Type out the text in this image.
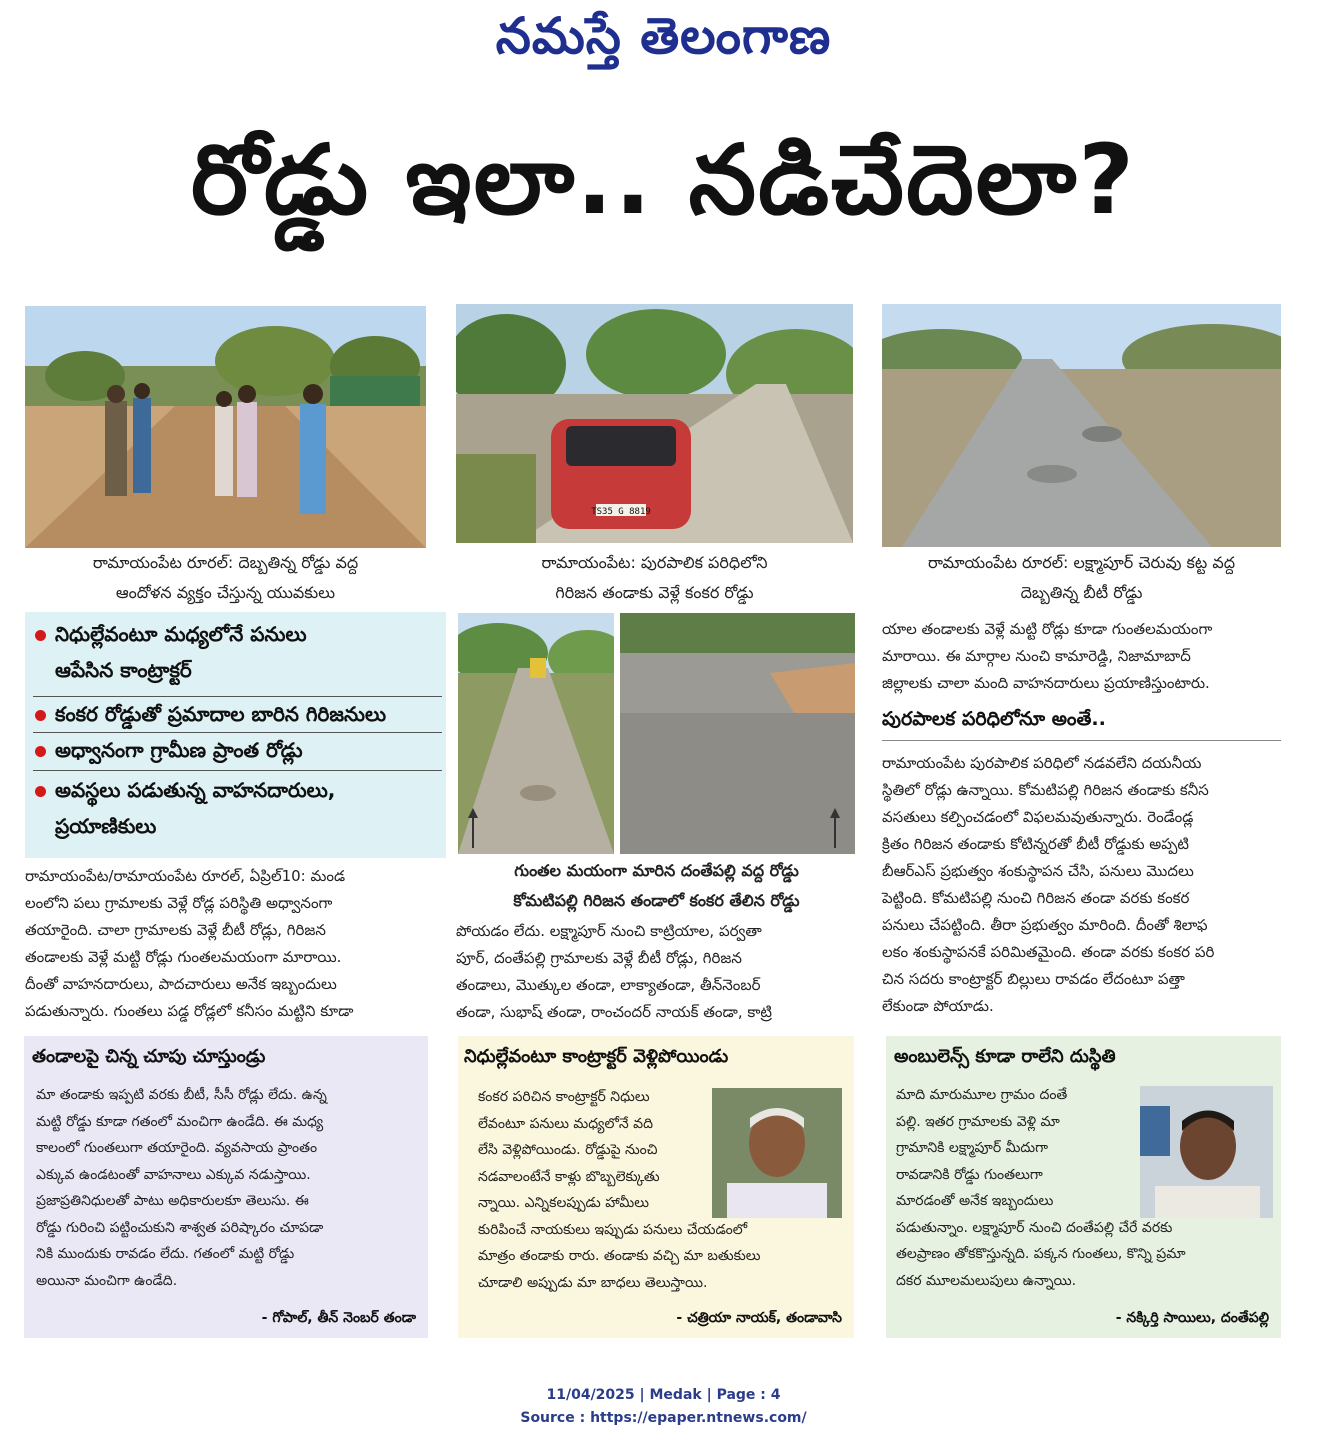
నమస్తే తెలంగాణ
రోడ్డు ఇలా.. నడిచేదెలా?
TS35 G 8819
రామాయంపేట రూరల్‌: దెబ్బతిన్న రోడ్డు వద్ద
ఆందోళన వ్యక్తం చేస్తున్న యువకులు
రామాయంపేట: పురపాలిక పరిధిలోని
గిరిజన తండాకు వెళ్లే కంకర రోడ్డు
రామాయంపేట రూరల్‌: లక్ష్మాపూర్‌ చెరువు కట్ట వద్ద
దెబ్బతిన్న బీటీ రోడ్డు
నిధుల్లేవంటూ మధ్యలోనే పనులు
ఆపేసిన కాంట్రాక్టర్‌
కంకర రోడ్డుతో ప్రమాదాల బారిన గిరిజనులు
అధ్వానంగా గ్రామీణ ప్రాంత రోడ్లు
అవస్థలు పడుతున్న వాహనదారులు,
ప్రయాణికులు
గుంతల మయంగా మారిన దంతేపల్లి వద్ద రోడ్డు
కోమటిపల్లి గిరిజన తండాలో కంకర తేలిన రోడ్డు
రామాయంపేట/రామాయంపేట రూరల్‌, ఏప్రిల్‌10: మండ
లంలోని పలు గ్రామాలకు వెళ్లే రోడ్ల పరిస్థితి అధ్వానంగా
తయారైంది. చాలా గ్రామాలకు వెళ్లే బీటీ రోడ్లు, గిరిజన
తండాలకు వెళ్లే మట్టి రోడ్లు గుంతలమయంగా మారాయి.
దీంతో వాహనదారులు, పాదచారులు అనేక ఇబ్బందులు
పడుతున్నారు. గుంతలు పడ్డ రోడ్లలో కనీసం మట్టిని కూడా
పోయడం లేదు. లక్ష్మాపూర్‌ నుంచి కాట్రియాల, పర్వతా
పూర్‌, దంతేపల్లి గ్రామాలకు వెళ్లే బీటీ రోడ్లు, గిరిజన
తండాలు, మొత్కుల తండా, లాక్యాతండా, తీన్‌నెంబర్‌
తండా, సుభాష్‌ తండా, రాంచందర్‌ నాయక్‌ తండా, కాట్రి
యాల తండాలకు వెళ్లే మట్టి రోడ్లు కూడా గుంతలమయంగా
మారాయి. ఈ మార్గాల నుంచి కామారెడ్డి, నిజామాబాద్‌
జిల్లాలకు చాలా మంది వాహనదారులు ప్రయాణిస్తుంటారు.
పురపాలక పరిధిలోనూ అంతే..
రామాయంపేట పురపాలిక పరిధిలో నడవలేని దయనీయ
స్థితిలో రోడ్లు ఉన్నాయి. కోమటిపల్లి గిరిజన తండాకు కనీస
వసతులు కల్పించడంలో విఫలమవుతున్నారు. రెండేండ్ల
క్రితం గిరిజన తండాకు కోటిన్నరతో బీటీ రోడ్డుకు అప్పటి
బీఆర్‌ఎస్‌ ప్రభుత్వం శంకుస్థాపన చేసి, పనులు మొదలు
పెట్టింది. కోమటిపల్లి నుంచి గిరిజన తండా వరకు కంకర
పనులు చేపట్టింది. తీరా ప్రభుత్వం మారింది. దీంతో శిలాఫ
లకం శంకుస్థాపనకే పరిమితమైంది. తండా వరకు కంకర పరి
చిన సదరు కాంట్రాక్టర్‌ బిల్లులు రావడం లేదంటూ పత్తా
లేకుండా పోయాడు.
తండాలపై చిన్న చూపు చూస్తుండ్రు
మా తండాకు ఇప్పటి వరకు బీటీ, సీసీ రోడ్లు లేదు. ఉన్న
మట్టి రోడ్డు కూడా గతంలో మంచిగా ఉండేది. ఈ మధ్య
కాలంలో గుంతలుగా తయారైంది. వ్యవసాయ ప్రాంతం
ఎక్కువ ఉండటంతో వాహనాలు ఎక్కువ నడుస్తాయి.
ప్రజాప్రతినిధులతో పాటు అధికారులకూ తెలుసు. ఈ
రోడ్డు గురించి పట్టించుకుని శాశ్వత పరిష్కారం చూపడా
నికి ముందుకు రావడం లేదు. గతంలో మట్టి రోడ్డు
అయినా మంచిగా ఉండేది.
- గోపాల్‌, తీన్‌ నెంబర్‌ తండా
నిధుల్లేవంటూ కాంట్రాక్టర్‌ వెళ్లిపోయిండు
కంకర పరిచిన కాంట్రాక్టర్‌ నిధులు
లేవంటూ పనులు మధ్యలోనే వది
లేసి వెళ్లిపోయిండు. రోడ్డుపై నుంచి
నడవాలంటేనే కాళ్లు బొబ్బలెక్కుతు
న్నాయి. ఎన్నికలప్పుడు హామీలు
కురిపించే నాయకులు ఇప్పుడు పనులు చేయడంలో
మాత్రం తండాకు రారు. తండాకు వచ్చి మా బతుకులు
చూడాలి అప్పుడు మా బాధలు తెలుస్తాయి.
- చత్రియా నాయక్‌, తండావాసి
అంబులెన్స్‌ కూడా రాలేని దుస్థితి
మాది మారుమూల గ్రామం దంతే
పల్లి. ఇతర గ్రామాలకు వెళ్లి మా
గ్రామానికి లక్ష్మాపూర్‌ మీదుగా
రావడానికి రోడ్డు గుంతలుగా
మారడంతో అనేక ఇబ్బందులు
పడుతున్నాం. లక్ష్మాపూర్‌ నుంచి దంతేపల్లి చేరే వరకు
తలప్రాణం తోకకొస్తున్నది. పక్కన గుంతలు, కొన్ని ప్రమా
దకర మూలమలుపులు ఉన్నాయి.
- నక్కిర్తి సాయిలు, దంతేపల్లి
11/04/2025 | Medak | Page : 4
Source : https://epaper.ntnews.com/
